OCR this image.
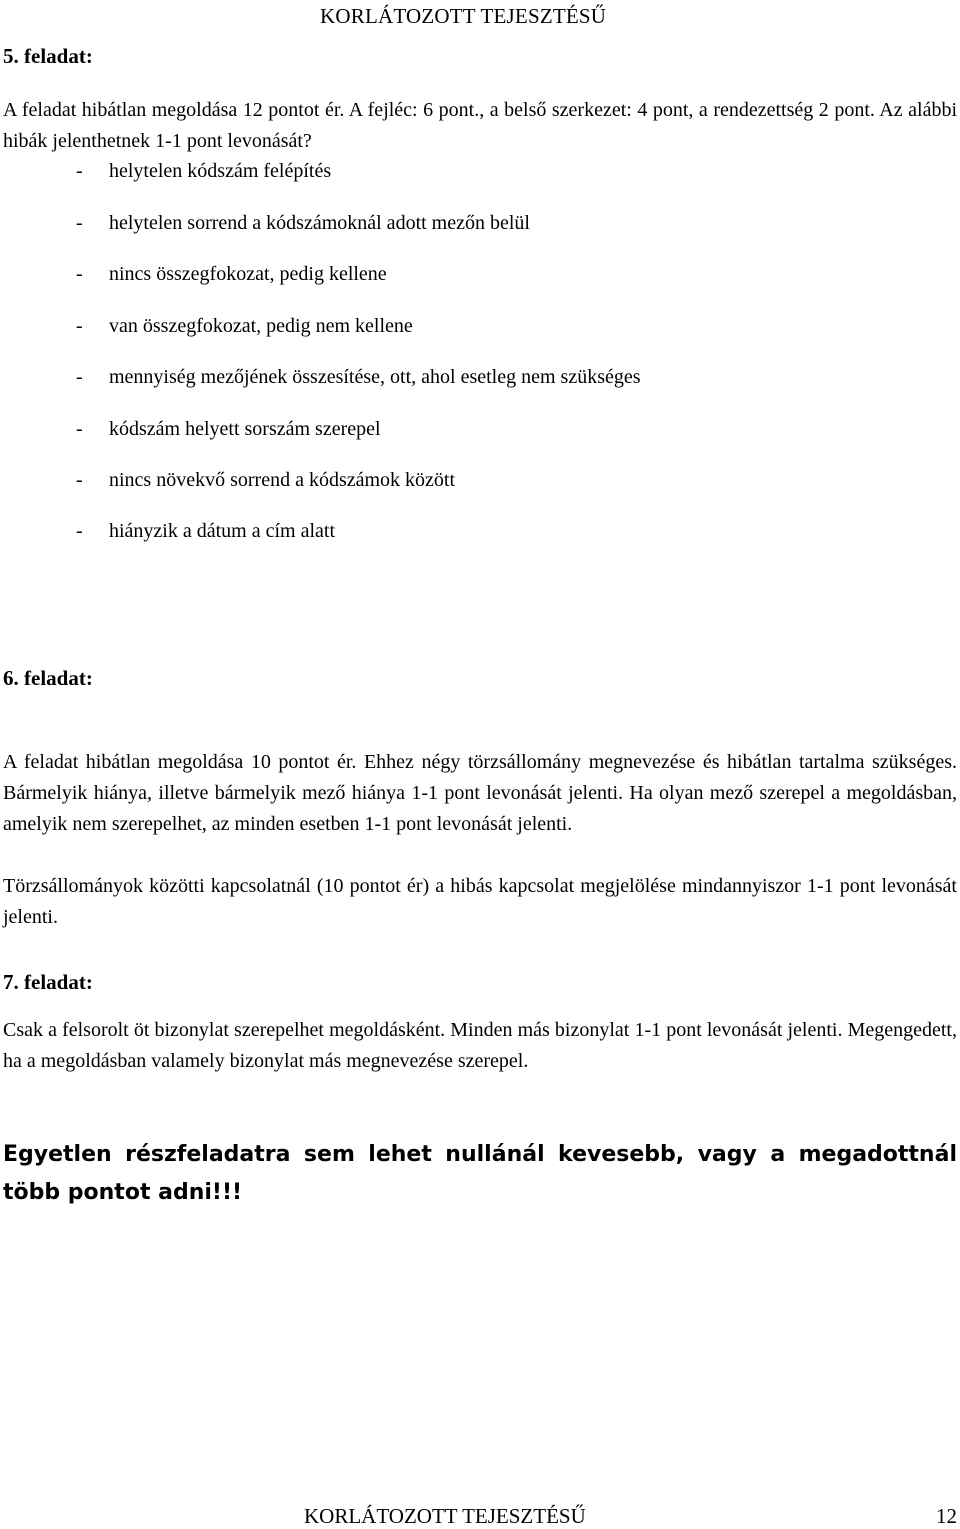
KORLÁTOZOTT TEJESZTÉSŰ
5. feladat:
A feladat hibátlan megoldása 12 pontot ér. A fejléc: 6 pont., a belső szerkezet: 4 pont, a rendezettség 2 pont. Az alábbi hibák jelenthetnek 1-1 pont levonását?
- helytelen kódszám felépítés
- helytelen sorrend a kódszámoknál adott mezőn belül
- nincs összegfokozat, pedig kellene
- van összegfokozat, pedig nem kellene
- mennyiség mezőjének összesítése, ott, ahol esetleg nem szükséges
- kódszám helyett sorszám szerepel
- nincs növekvő sorrend a kódszámok között
- hiányzik a dátum a cím alatt
6. feladat:
A feladat hibátlan megoldása 10 pontot ér. Ehhez négy törzsállomány megnevezése és hibátlan tartalma szükséges. Bármelyik hiánya, illetve bármelyik mező hiánya 1-1 pont levonását jelenti. Ha olyan mező szerepel a megoldásban, amelyik nem szerepelhet, az minden esetben 1-1 pont levonását jelenti.
Törzsállományok közötti kapcsolatnál (10 pontot ér) a hibás kapcsolat megjelölése mindannyiszor 1-1 pont levonását jelenti.
7. feladat:
Csak a felsorolt öt bizonylat szerepelhet megoldásként. Minden más bizonylat 1-1 pont levonását jelenti. Megengedett, ha a megoldásban valamely bizonylat más megnevezése szerepel.
Egyetlen részfeladatra sem lehet nullánál kevesebb, vagy a megadottnál több pontot adni!!!
KORLÁTOZOTT TEJESZTÉSŰ	12
